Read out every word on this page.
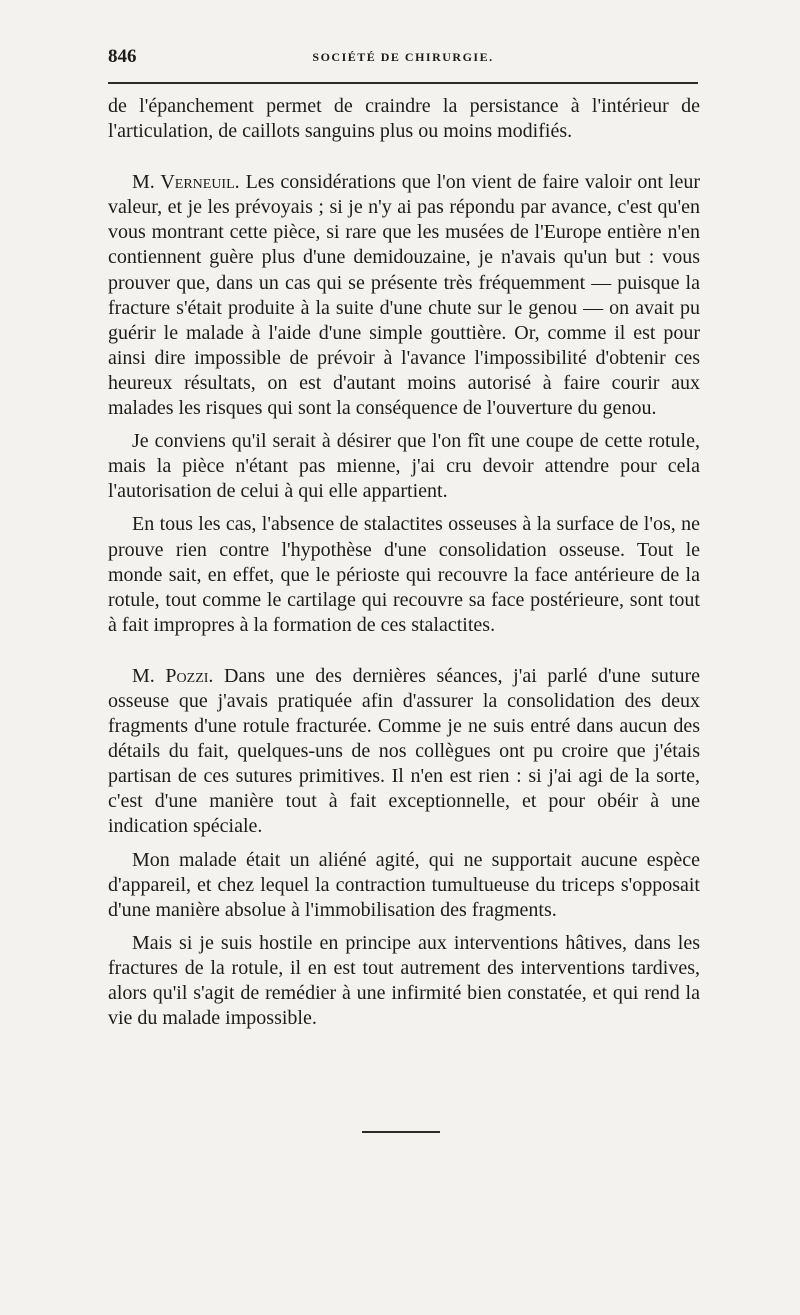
846	SOCIÉTÉ DE CHIRURGIE.

de l'épanchement permet de craindre la persistance à l'intérieur de l'articulation, de caillots sanguins plus ou moins modifiés.

M. Verneuil. Les considérations que l'on vient de faire valoir ont leur valeur, et je les prévoyais ; si je n'y ai pas répondu par avance, c'est qu'en vous montrant cette pièce, si rare que les musées de l'Europe entière n'en contiennent guère plus d'une demidouzaine, je n'avais qu'un but : vous prouver que, dans un cas qui se présente très fréquemment — puisque la fracture s'était produite à la suite d'une chute sur le genou — on avait pu guérir le malade à l'aide d'une simple gouttière. Or, comme il est pour ainsi dire impossible de prévoir à l'avance l'impossibilité d'obtenir ces heureux résultats, on est d'autant moins autorisé à faire courir aux malades les risques qui sont la conséquence de l'ouverture du genou.

Je conviens qu'il serait à désirer que l'on fît une coupe de cette rotule, mais la pièce n'étant pas mienne, j'ai cru devoir attendre pour cela l'autorisation de celui à qui elle appartient.

En tous les cas, l'absence de stalactites osseuses à la surface de l'os, ne prouve rien contre l'hypothèse d'une consolidation osseuse. Tout le monde sait, en effet, que le périoste qui recouvre la face antérieure de la rotule, tout comme le cartilage qui recouvre sa face postérieure, sont tout à fait impropres à la formation de ces stalactites.

M. Pozzi. Dans une des dernières séances, j'ai parlé d'une suture osseuse que j'avais pratiquée afin d'assurer la consolidation des deux fragments d'une rotule fracturée. Comme je ne suis entré dans aucun des détails du fait, quelques-uns de nos collègues ont pu croire que j'étais partisan de ces sutures primitives. Il n'en est rien : si j'ai agi de la sorte, c'est d'une manière tout à fait exceptionnelle, et pour obéir à une indication spéciale.

Mon malade était un aliéné agité, qui ne supportait aucune espèce d'appareil, et chez lequel la contraction tumultueuse du triceps s'opposait d'une manière absolue à l'immobilisation des fragments.

Mais si je suis hostile en principe aux interventions hâtives, dans les fractures de la rotule, il en est tout autrement des interventions tardives, alors qu'il s'agit de remédier à une infirmité bien constatée, et qui rend la vie du malade impossible.
